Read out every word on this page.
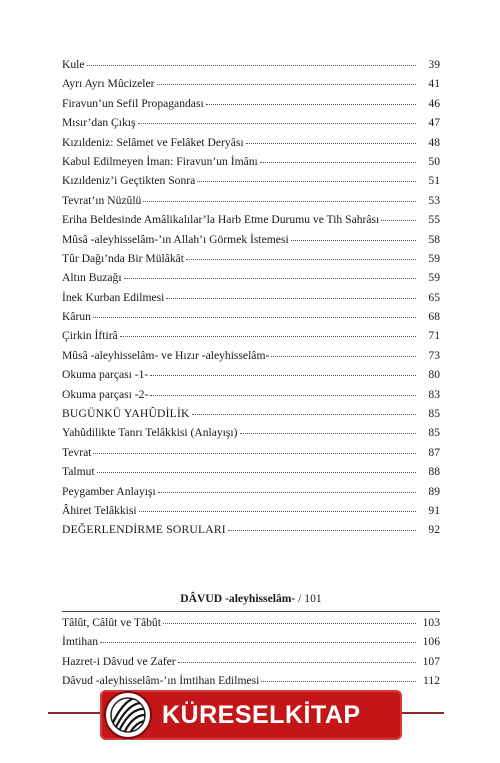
Kule	39
Ayrı Ayrı Mûcizeler	41
Firavun’un Sefil Propagandası	46
Mısır’dan Çıkış	47
Kızıldeniz: Selâmet ve Felâket Deryâsı	48
Kabul Edilmeyen İman: Firavun’un İmânı	50
Kızıldeniz’i Geçtikten Sonra	51
Tevrat’ın Nüzûlü	53
Eriha Beldesinde Amâlikalılar’la Harb Etme Durumu ve Tih Sahrâsı	55
Mûsâ -aleyhisselâm-’ın Allah’ı Görmek İstemesi	58
Tûr Dağı’nda Bir Mülâkât	59
Altın Buzağı	59
İnek Kurban Edilmesi	65
Kârun	68
Çirkin İftirâ	71
Mûsâ -aleyhisselâm- ve Hızır -aleyhisselâm-	73
Okuma parçası -1-	80
Okuma parçası -2-	83
BUGÜNKÜ YAHÛDİLİK	85
Yahûdilikte Tanrı Telâkkisi (Anlayışı)	85
Tevrat	87
Talmut	88
Peygamber Anlayışı	89
Âhiret Telâkkisi	91
DEĞERLENDİRME SORULARI	92
DÂVUD -aleyhisselâm- / 101
Tâlût, Câlût ve Tâbût	103
İmtihan	106
Hazret-i Dâvud ve Zafer	107
Dâvud -aleyhisselâm-’ın İmtihan Edilmesi	112
KÜRESELKİTAP
